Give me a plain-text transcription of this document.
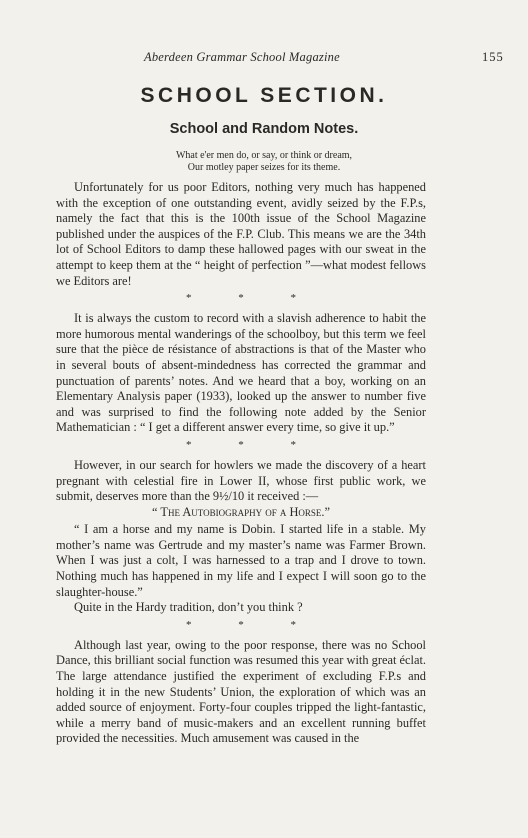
Aberdeen Grammar School Magazine	155
SCHOOL SECTION.
School and Random Notes.
What e'er men do, or say, or think or dream,
Our motley paper seizes for its theme.

Unfortunately for us poor Editors, nothing very much has happened with the exception of one outstanding event, avidly seized by the F.P.s, namely the fact that this is the 100th issue of the School Magazine published under the auspices of the F.P. Club. This means we are the 34th lot of School Editors to damp these hallowed pages with our sweat in the attempt to keep them at the “ height of perfection ”—what modest fellows we Editors are!

* * *

It is always the custom to record with a slavish adherence to habit the more humorous mental wanderings of the schoolboy, but this term we feel sure that the pièce de résistance of abstractions is that of the Master who in several bouts of absent-mindedness has corrected the grammar and punctuation of parents’ notes. And we heard that a boy, working on an Elementary Analysis paper (1933), looked up the answer to number five and was surprised to find the following note added by the Senior Mathematician : “ I get a different answer every time, so give it up.”

* * *

However, in our search for howlers we made the discovery of a heart pregnant with celestial fire in Lower II, whose first public work, we submit, deserves more than the 9½/10 it received :—

“ The Autobiography of a Horse.”

“ I am a horse and my name is Dobin. I started life in a stable. My mother’s name was Gertrude and my master’s name was Farmer Brown. When I was just a colt, I was harnessed to a trap and I drove to town. Nothing much has happened in my life and I expect I will soon go to the slaughter-house.”

Quite in the Hardy tradition, don’t you think ?

* * *

Although last year, owing to the poor response, there was no School Dance, this brilliant social function was resumed this year with great éclat. The large attendance justified the experiment of excluding F.P.s and holding it in the new Students’ Union, the exploration of which was an added source of enjoyment. Forty-four couples tripped the light-fantastic, while a merry band of music-makers and an excellent running buffet provided the necessities. Much amusement was caused in the
